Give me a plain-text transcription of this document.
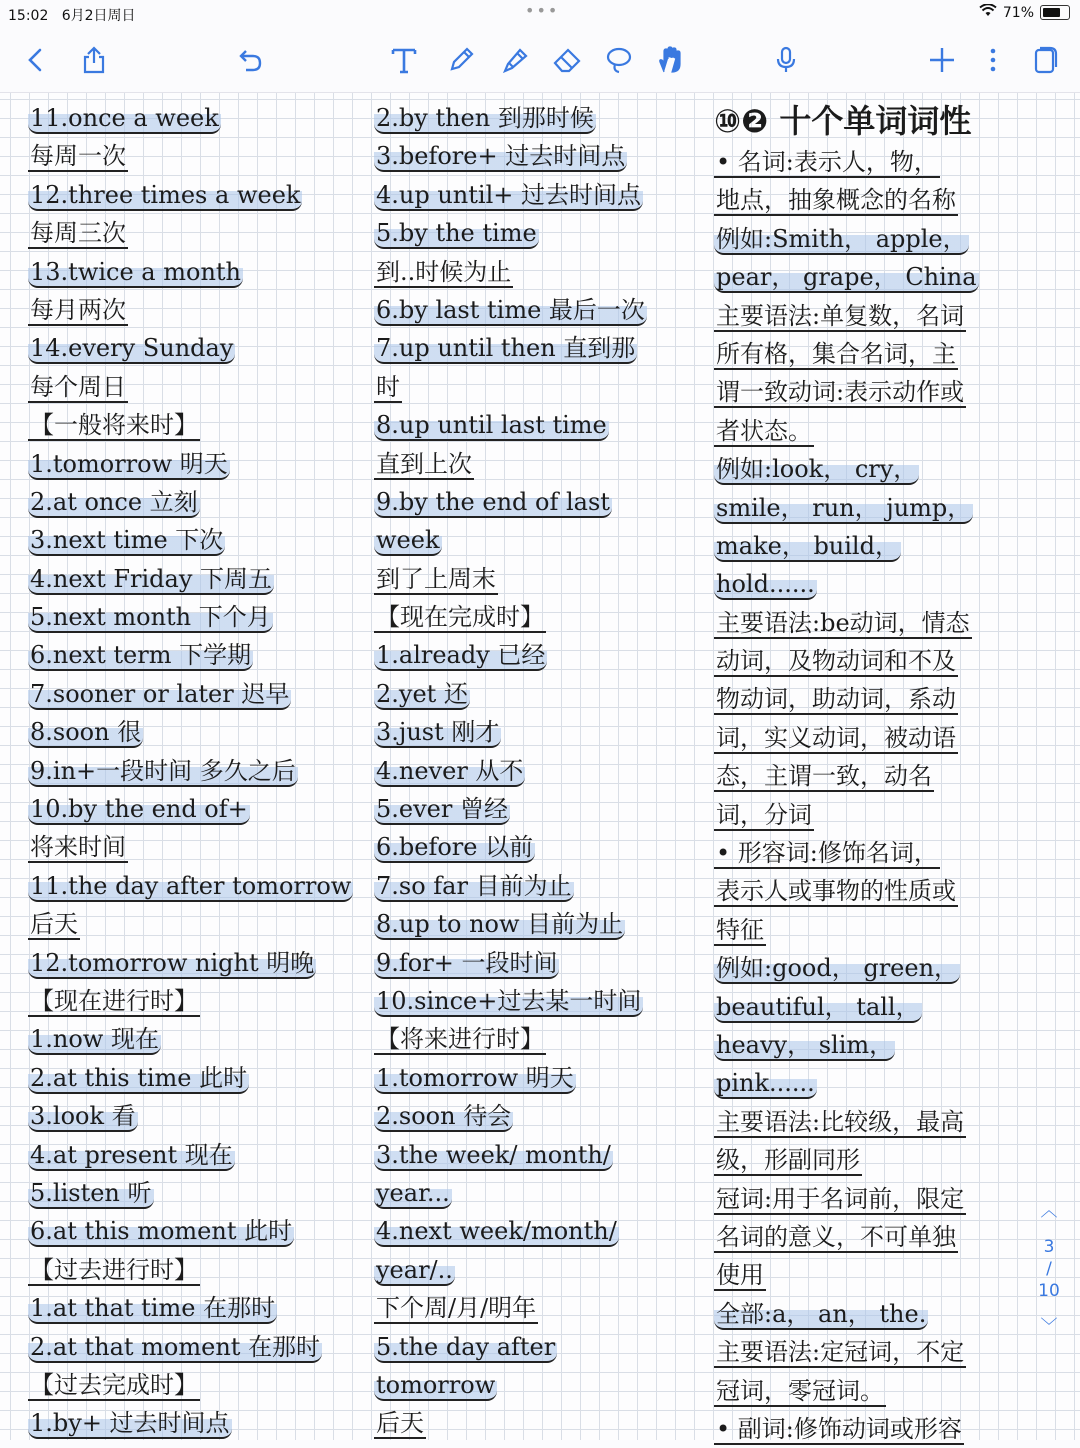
15:02 6月2日周日	•••	71%
11.once a week
每周一次
12.three times a week
每周三次
13.twice a month
每月两次
14.every Sunday
每个周日
【一般将来时】
1.tomorrow 明天
2.at once 立刻
3.next time 下次
4.next Friday 下周五
5.next month 下个月
6.next term 下学期
7.sooner or later 迟早
8.soon 很
9.in+一段时间 多久之后
10.by the end of+
将来时间
11.the day after tomorrow
后天
12.tomorrow night 明晚
【现在进行时】
1.now 现在
2.at this time 此时
3.look 看
4.at present 现在
5.listen 听
6.at this moment 此时
【过去进行时】
1.at that time 在那时
2.at that moment 在那时
【过去完成时】
1.by+ 过去时间点
2.by then 到那时候
3.before+ 过去时间点
4.up until+ 过去时间点
5.by the time
到..时候为止
6.by last time 最后一次
7.up until then 直到那
时
8.up until last time
直到上次
9.by the end of last
week
到了上周末
【现在完成时】
1.already 已经
2.yet 还
3.just 刚才
4.never 从不
5.ever 曾经
6.before 以前
7.so far 目前为止
8.up to now 目前为止
9.for+ 一段时间
10.since+过去某一时间
【将来进行时】
1.tomorrow 明天
2.soon 待会
3.the week/ month/
year...
4.next week/month/
year/..
下个周/月/明年
5.the day after
tomorrow
后天
⑩❷ 十个单词词性
• 名词:表示人，物，
地点，抽象概念的名称
例如:Smith， apple，
pear， grape， China
主要语法:单复数，名词
所有格，集合名词，主
谓一致动词:表示动作或
者状态。
例如:look， cry，
smile， run， jump，
make， build，
hold......
主要语法:be动词，情态
动词，及物动词和不及
物动词，助动词，系动
词，实义动词，被动语
态，主谓一致，动名
词，分词
• 形容词:修饰名词，
表示人或事物的性质或
特征
例如:good， green，
beautiful， tall，
heavy， slim，
pink......
主要语法:比较级，最高
级，形副同形
冠词:用于名词前，限定
名词的意义，不可单独
使用
全部:a， an， the.
主要语法:定冠词，不定
冠词，零冠词。
• 副词:修饰动词或形容
︿
3
/
10
﹀
